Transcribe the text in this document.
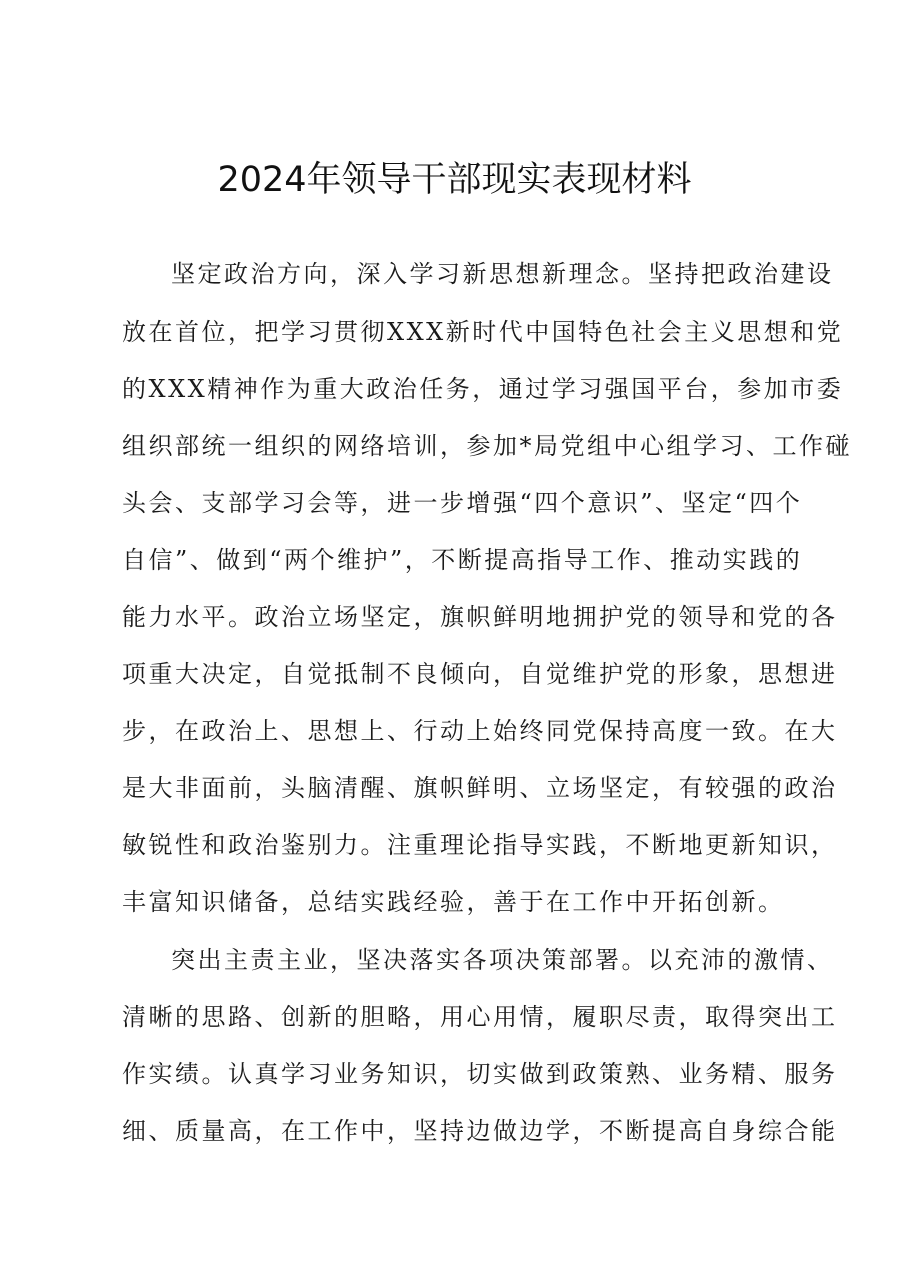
2024年领导干部现实表现材料
坚定政治方向，深入学习新思想新理念。坚持把政治建设
放在首位，把学习贯彻XXX新时代中国特色社会主义思想和党
的XXX精神作为重大政治任务，通过学习强国平台，参加市委
组织部统一组织的网络培训，参加*局党组中心组学习、工作碰
头会、支部学习会等，进一步增强“四个意识”、坚定“四个
自信”、做到“两个维护”，不断提高指导工作、推动实践的
能力水平。政治立场坚定，旗帜鲜明地拥护党的领导和党的各
项重大决定，自觉抵制不良倾向，自觉维护党的形象，思想进
步，在政治上、思想上、行动上始终同党保持高度一致。在大
是大非面前，头脑清醒、旗帜鲜明、立场坚定，有较强的政治
敏锐性和政治鉴别力。注重理论指导实践，不断地更新知识，
丰富知识储备，总结实践经验，善于在工作中开拓创新。
突出主责主业，坚决落实各项决策部署。以充沛的激情、
清晰的思路、创新的胆略，用心用情，履职尽责，取得突出工
作实绩。认真学习业务知识，切实做到政策熟、业务精、服务
细、质量高，在工作中，坚持边做边学，不断提高自身综合能
